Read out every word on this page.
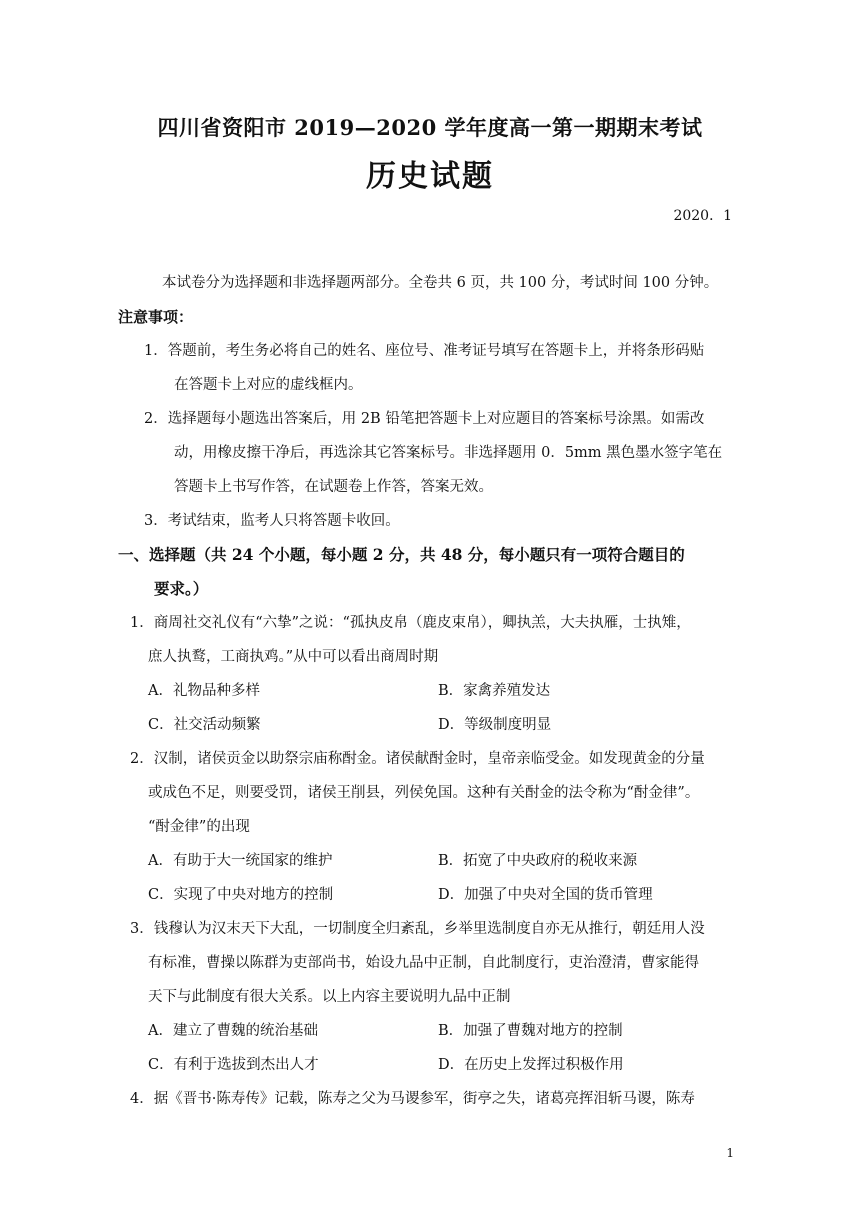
四川省资阳市 2019—2020 学年度高一第一期期末考试
历史试题
2020．1
本试卷分为选择题和非选择题两部分。全卷共 6 页，共 100 分，考试时间 100 分钟。
注意事项：
1．答题前，考生务必将自己的姓名、座位号、准考证号填写在答题卡上，并将条形码贴
在答题卡上对应的虚线框内。
2．选择题每小题选出答案后，用 2B 铅笔把答题卡上对应题目的答案标号涂黑。如需改
动，用橡皮擦干净后，再选涂其它答案标号。非选择题用 0．5mm 黑色墨水签字笔在
答题卡上书写作答，在试题卷上作答，答案无效。
3．考试结束，监考人只将答题卡收回。
一、选择题（共 24 个小题，每小题 2 分，共 48 分，每小题只有一项符合题目的
要求。）
1．商周社交礼仪有“六挚”之说：“孤执皮帛（鹿皮束帛），卿执羔，大夫执雁，士执雉，
庶人执鹜，工商执鸡。”从中可以看出商周时期
A．礼物品种多样	B．家禽养殖发达
C．社交活动频繁	D．等级制度明显
2．汉制，诸侯贡金以助祭宗庙称酎金。诸侯献酎金时，皇帝亲临受金。如发现黄金的分量
或成色不足，则要受罚，诸侯王削县，列侯免国。这种有关酎金的法令称为“酎金律”。
“酎金律”的出现
A．有助于大一统国家的维护	B．拓宽了中央政府的税收来源
C．实现了中央对地方的控制	D．加强了中央对全国的货币管理
3．钱穆认为汉末天下大乱，一切制度全归紊乱，乡举里选制度自亦无从推行，朝廷用人没
有标准，曹操以陈群为吏部尚书，始设九品中正制，自此制度行，吏治澄清，曹家能得
天下与此制度有很大关系。以上内容主要说明九品中正制
A．建立了曹魏的统治基础	B．加强了曹魏对地方的控制
C．有利于选拔到杰出人才	D．在历史上发挥过积极作用
4．据《晋书·陈寿传》记载，陈寿之父为马谡参军，街亭之失，诸葛亮挥泪斩马谡，陈寿
1
